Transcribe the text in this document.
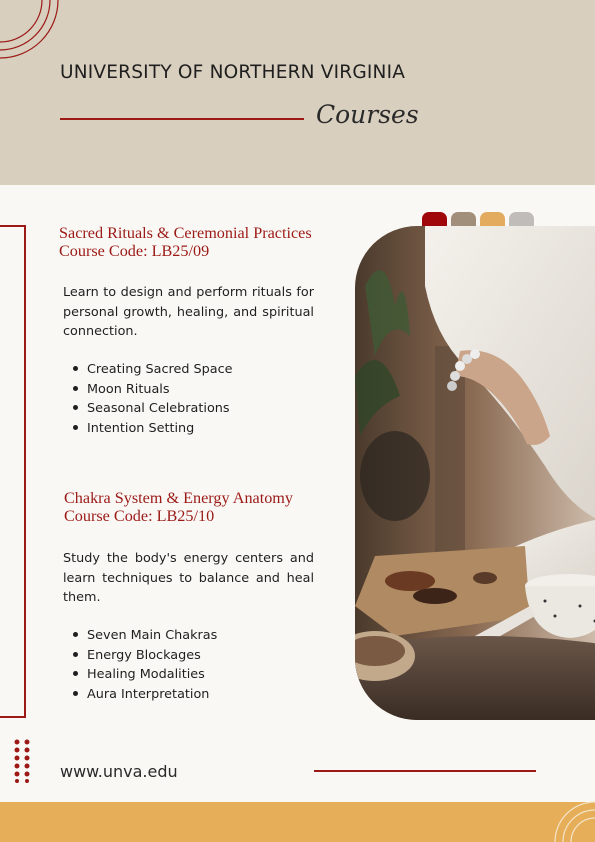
UNIVERSITY OF NORTHERN VIRGINIA
Courses
Sacred Rituals & Ceremonial Practices
Course Code: LB25/09

Learn to design and perform rituals for personal growth, healing, and spiritual connection.

Creating Sacred Space
Moon Rituals
Seasonal Celebrations
Intention Setting
Chakra System & Energy Anatomy
Course Code: LB25/10

Study the body's energy centers and learn techniques to balance and heal them.

Seven Main Chakras
Energy Blockages
Healing Modalities
Aura Interpretation
www.unva.edu
